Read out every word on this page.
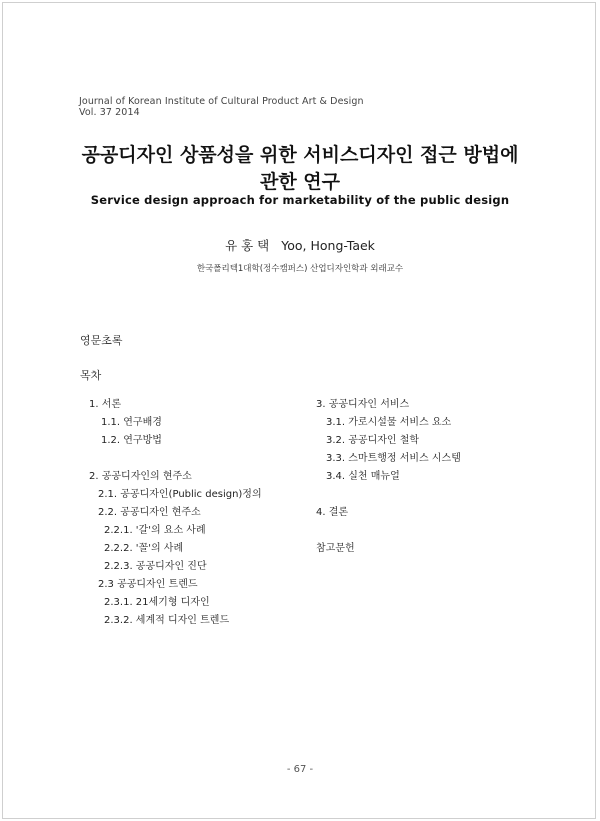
Journal of Korean Institute of Cultural Product Art & Design
Vol. 37 2014
공공디자인 상품성을 위한 서비스디자인 접근 방법에
관한 연구
Service design approach for marketability of the public design
유 홍 택 Yoo, Hong-Taek
한국폴리텍1대학(정수캠퍼스) 산업디자인학과 외래교수
영문초록
목차
1. 서론
1.1. 연구배경
1.2. 연구방법
2. 공공디자인의 현주소
2.1. 공공디자인(Public design)정의
2.2. 공공디자인 현주소
2.2.1. '갈'의 요소 사례
2.2.2. '꼴'의 사례
2.2.3. 공공디자인 진단
2.3 공공디자인 트렌드
2.3.1. 21세기형 디자인
2.3.2. 세계적 디자인 트렌드
3. 공공디자인 서비스
3.1. 가로시설물 서비스 요소
3.2. 공공디자인 철학
3.3. 스마트행정 서비스 시스템
3.4. 실천 매뉴얼
4. 결론
참고문헌
- 67 -
